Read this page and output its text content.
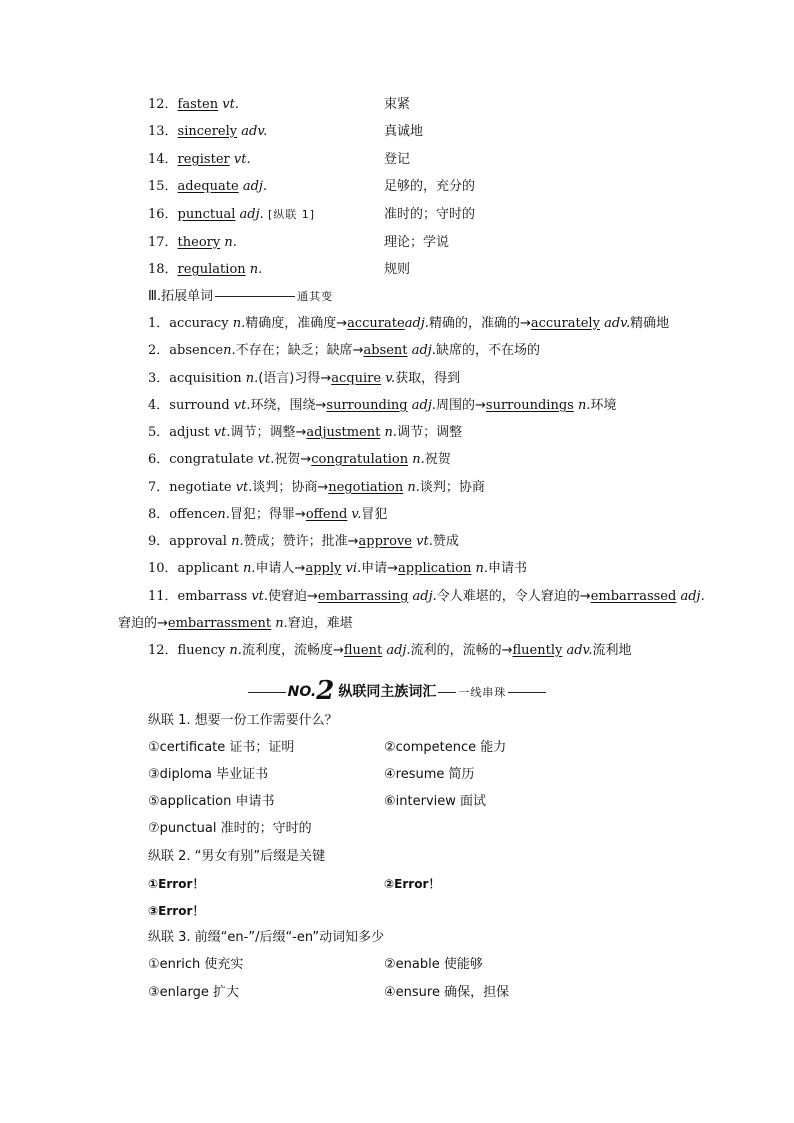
12．fasten vt.	束紧
13．sincerely adv.	真诚地
14．register vt.	登记
15．adequate adj.	足够的，充分的
16．punctual adj. [纵联 1]	准时的；守时的
17．theory n.	理论；学说
18．regulation n.	规则
Ⅲ.拓展单词	通其变
1．accuracy n.精确度，准确度→accurateadj.精确的，准确的→accurately adv.精确地
2．absencen.不存在；缺乏；缺席→absent adj.缺席的，不在场的
3．acquisition n.(语言)习得→acquire v.获取，得到
4．surround vt.环绕，围绕→surrounding adj.周围的→surroundings n.环境
5．adjust vt.调节；调整→adjustment n.调节；调整
6．congratulate vt.祝贺→congratulation n.祝贺
7．negotiate vt.谈判；协商→negotiation n.谈判；协商
8．offencen.冒犯；得罪→offend v.冒犯
9．approval n.赞成；赞许；批准→approve vt.赞成
10．applicant n.申请人→apply vi.申请→application n.申请书
11．embarrass vt.使窘迫→embarrassing adj.令人难堪的，令人窘迫的→embarrassed adj.
窘迫的→embarrassment n.窘迫，难堪
12．fluency n.流利度，流畅度→fluent adj.流利的，流畅的→fluently adv.流利地
NO.2 纵联同主族词汇 一线串珠
纵联 1. 想要一份工作需要什么？
①certificate 证书；证明	②competence 能力
③diploma 毕业证书	④resume 简历
⑤application 申请书	⑥interview 面试
⑦punctual 准时的；守时的
纵联 2. “男女有别”后缀是关键
①Error！	②Error！
③Error！
纵联 3. 前缀“en-”/后缀“-en”动词知多少
①enrich 使充实	②enable 使能够
③enlarge 扩大	④ensure 确保，担保
